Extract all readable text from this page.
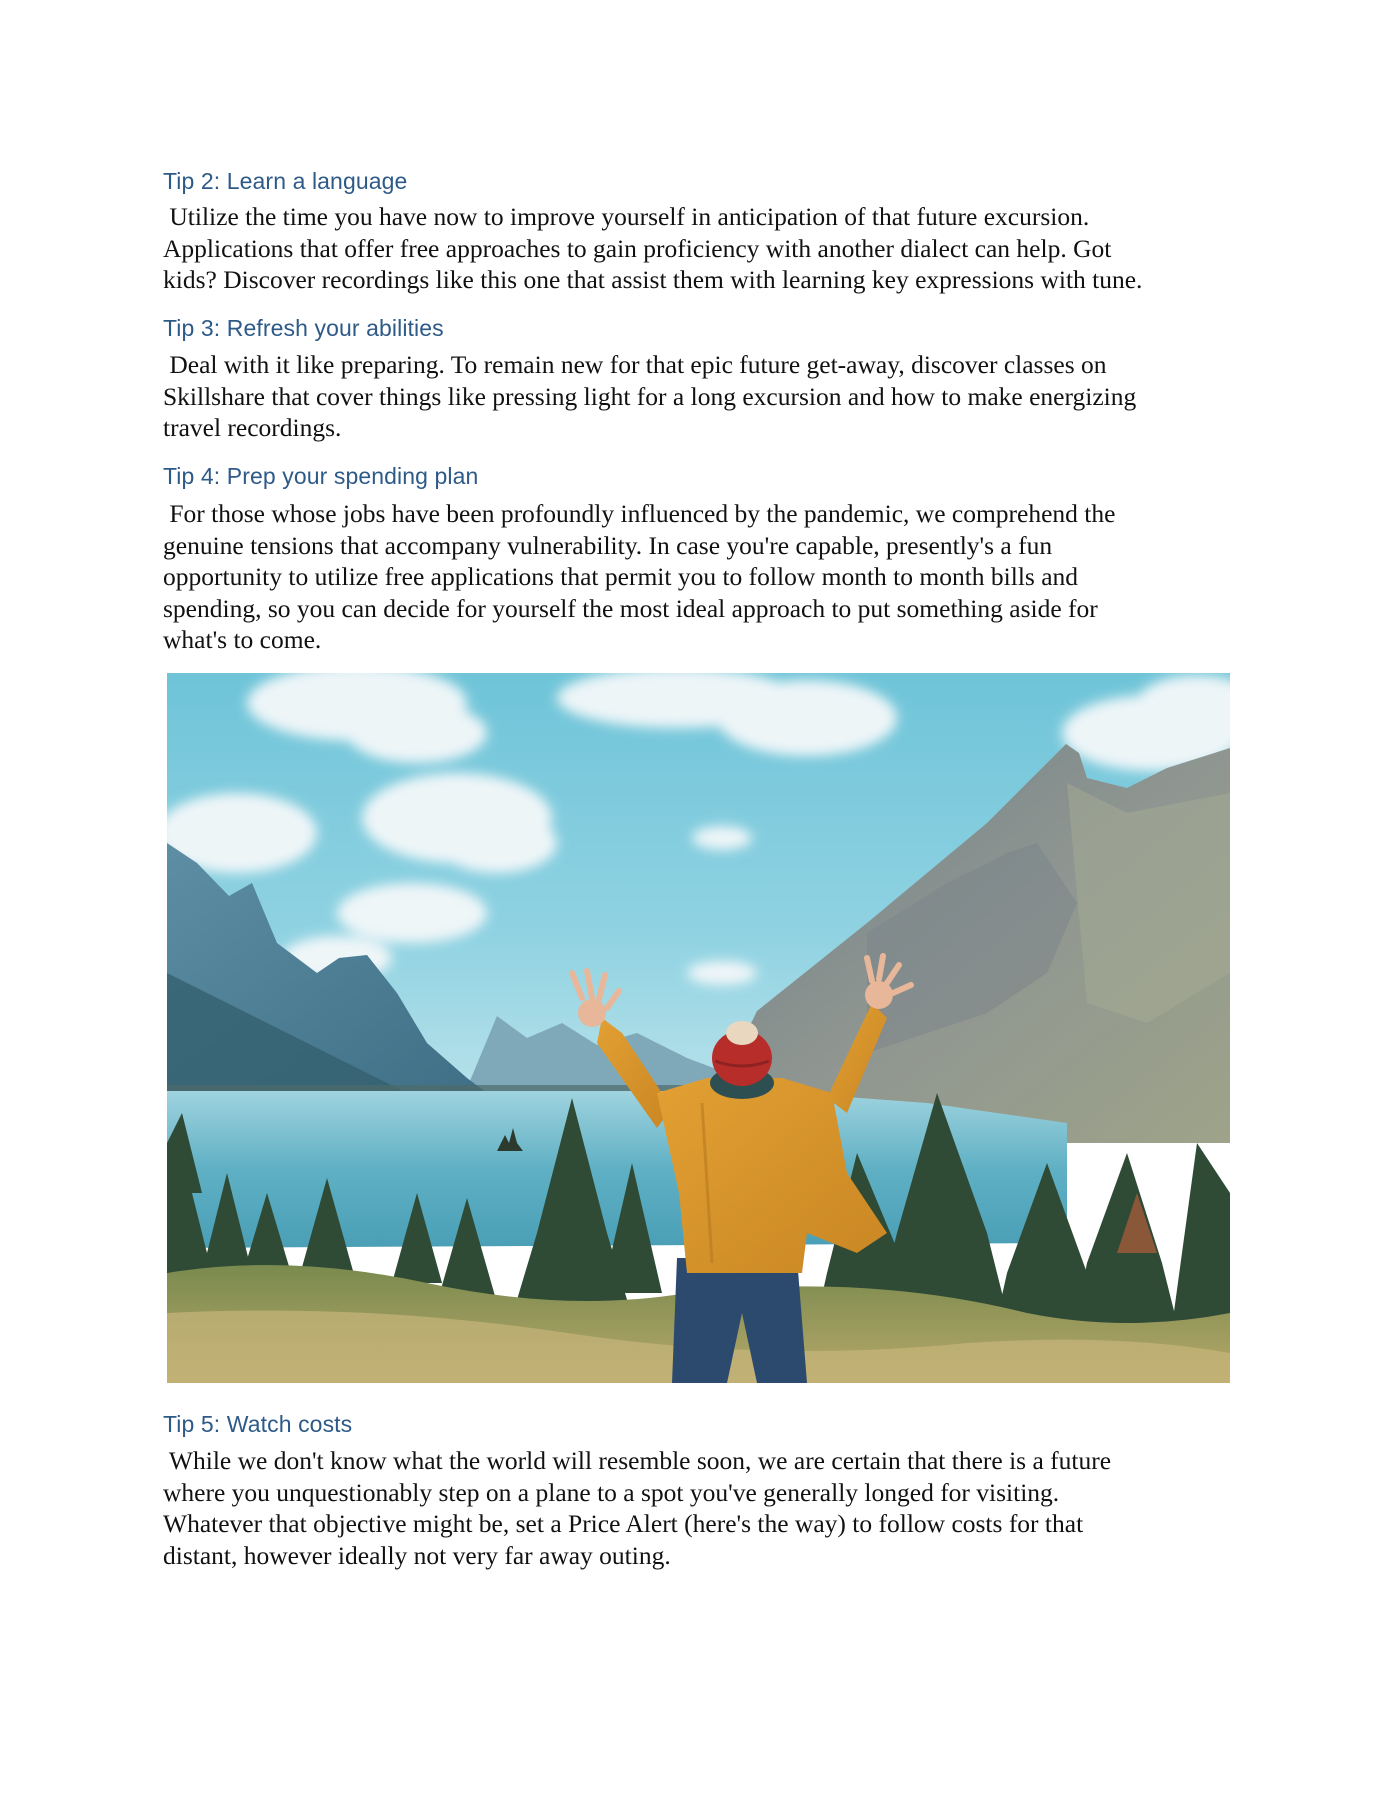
Tip 2: Learn a language
Utilize the time you have now to improve yourself in anticipation of that future excursion.
Applications that offer free approaches to gain proficiency with another dialect can help. Got
kids? Discover recordings like this one that assist them with learning key expressions with tune.
Tip 3: Refresh your abilities
Deal with it like preparing. To remain new for that epic future get-away, discover classes on
Skillshare that cover things like pressing light for a long excursion and how to make energizing
travel recordings.
Tip 4: Prep your spending plan
For those whose jobs have been profoundly influenced by the pandemic, we comprehend the
genuine tensions that accompany vulnerability. In case you're capable, presently's a fun
opportunity to utilize free applications that permit you to follow month to month bills and
spending, so you can decide for yourself the most ideal approach to put something aside for
what's to come.
Tip 5: Watch costs
While we don't know what the world will resemble soon, we are certain that there is a future
where you unquestionably step on a plane to a spot you've generally longed for visiting.
Whatever that objective might be, set a Price Alert (here's the way) to follow costs for that
distant, however ideally not very far away outing.
